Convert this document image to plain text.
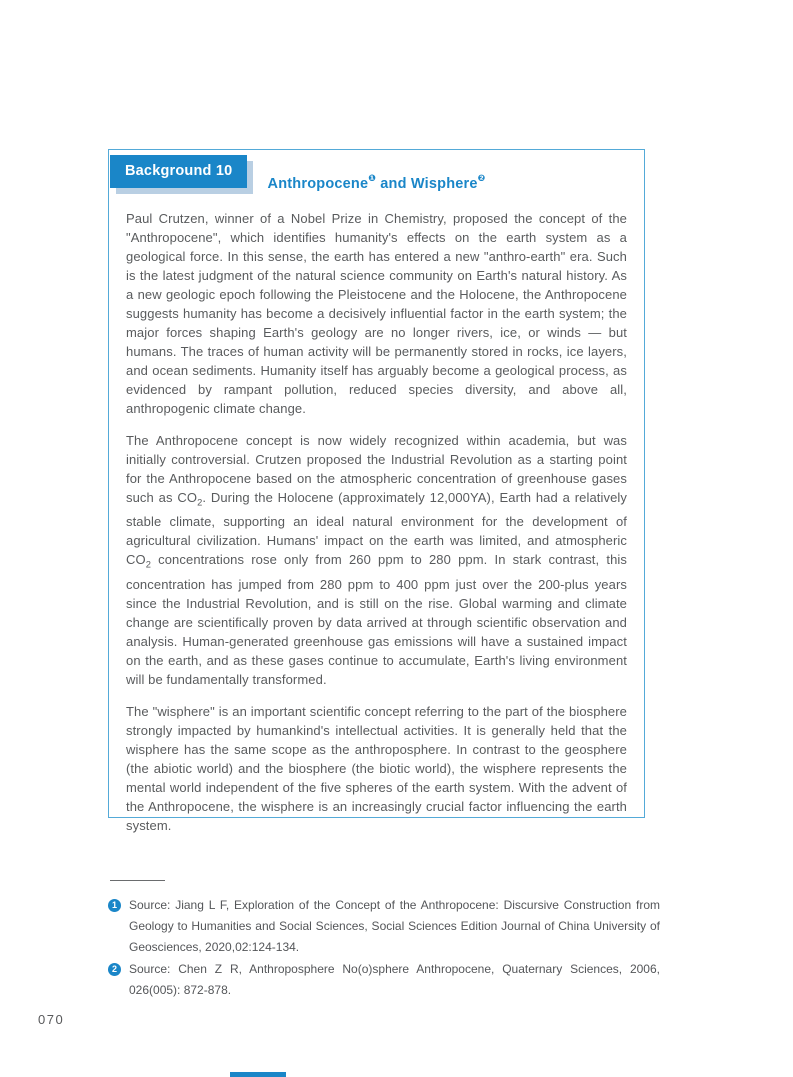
Background 10
Anthropocene$^❶$ and Wisphere$^❷$

Paul Crutzen, winner of a Nobel Prize in Chemistry, proposed the concept of the "Anthropocene", which identifies humanity's effects on the earth system as a geological force. In this sense, the earth has entered a new "anthro-earth" era. Such is the latest judgment of the natural science community on Earth's natural history. As a new geologic epoch following the Pleistocene and the Holocene, the Anthropocene suggests humanity has become a decisively influential factor in the earth system; the major forces shaping Earth's geology are no longer rivers, ice, or winds — but humans. The traces of human activity will be permanently stored in rocks, ice layers, and ocean sediments. Humanity itself has arguably become a geological process, as evidenced by rampant pollution, reduced species diversity, and above all, anthropogenic climate change.

The Anthropocene concept is now widely recognized within academia, but was initially controversial. Crutzen proposed the Industrial Revolution as a starting point for the Anthropocene based on the atmospheric concentration of greenhouse gases such as $CO_2$. During the Holocene (approximately 12,000YA), Earth had a relatively stable climate, supporting an ideal natural environment for the development of agricultural civilization. Humans' impact on the earth was limited, and atmospheric $CO_2$ concentrations rose only from 260 ppm to 280 ppm. In stark contrast, this concentration has jumped from 280 ppm to 400 ppm just over the 200-plus years since the Industrial Revolution, and is still on the rise. Global warming and climate change are scientifically proven by data arrived at through scientific observation and analysis. Human-generated greenhouse gas emissions will have a sustained impact on the earth, and as these gases continue to accumulate, Earth's living environment will be fundamentally transformed.

The "wisphere" is an important scientific concept referring to the part of the biosphere strongly impacted by humankind's intellectual activities. It is generally held that the wisphere has the same scope as the anthroposphere. In contrast to the geosphere (the abiotic world) and the biosphere (the biotic world), the wisphere represents the mental world independent of the five spheres of the earth system. With the advent of the Anthropocene, the wisphere is an increasingly crucial factor influencing the earth system.

1	Source: Jiang L F, Exploration of the Concept of the Anthropocene: Discursive Construction from Geology to Humanities and Social Sciences, Social Sciences Edition Journal of China University of Geosciences, 2020,02:124-134.
2	Source: Chen Z R, Anthroposphere No(o)sphere Anthropocene, Quaternary Sciences, 2006, 026(005): 872-878.
070
